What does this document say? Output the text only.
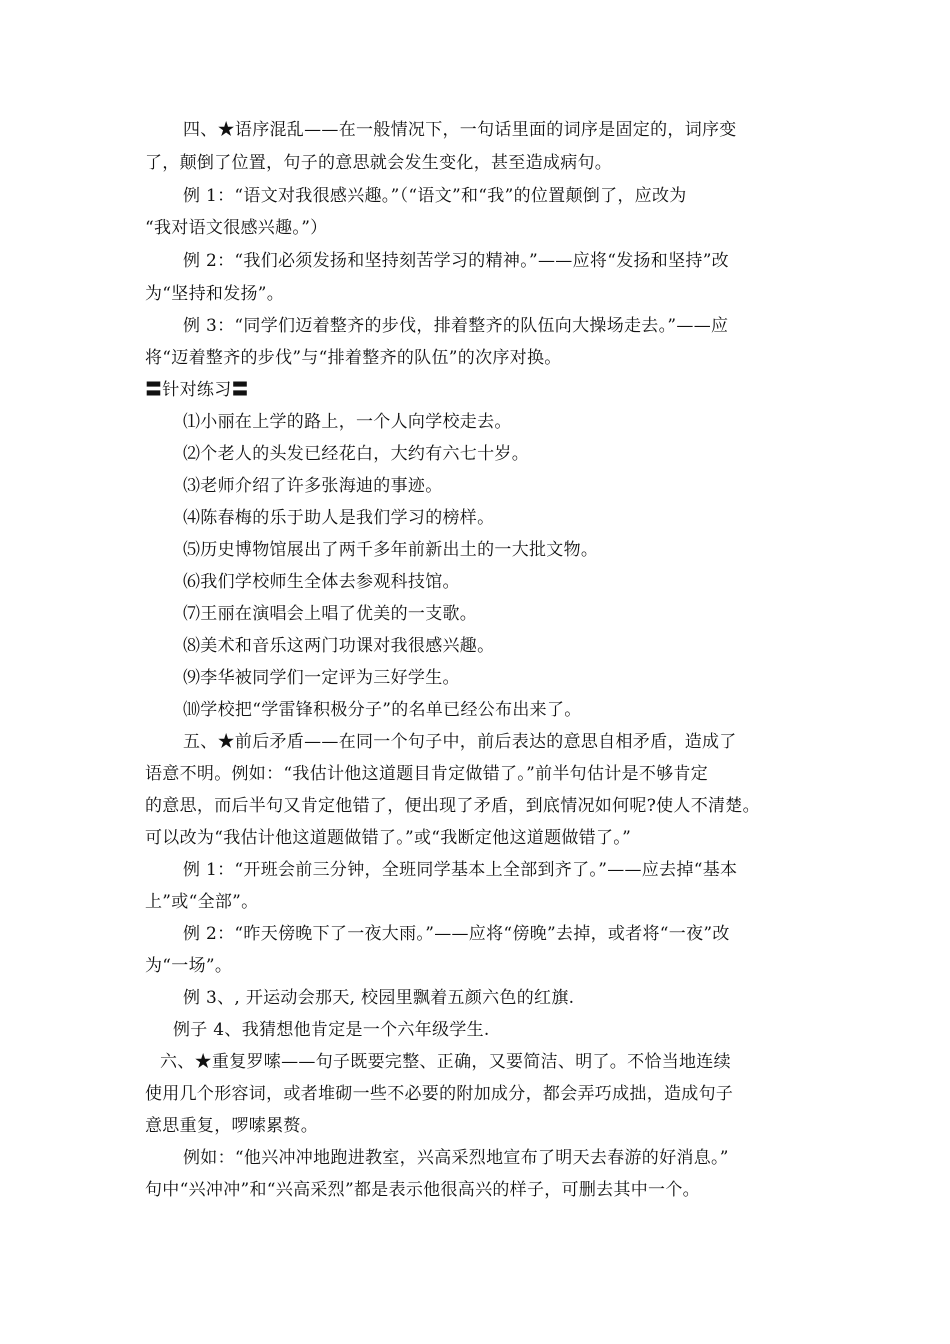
四、★语序混乱——在一般情况下，一句话里面的词序是固定的，词序变

了，颠倒了位置，句子的意思就会发生变化，甚至造成病句。

例 1：“语文对我很感兴趣。”（“语文”和“我”的位置颠倒了，应改为

“我对语文很感兴趣。”）

例 2：“我们必须发扬和坚持刻苦学习的精神。”——应将“发扬和坚持”改

为“坚持和发扬”。

例 3：“同学们迈着整齐的步伐，排着整齐的队伍向大操场走去。”——应

将“迈着整齐的步伐”与“排着整齐的队伍”的次序对换。

〓针对练习〓

⑴小丽在上学的路上，一个人向学校走去。

⑵个老人的头发已经花白，大约有六七十岁。

⑶老师介绍了许多张海迪的事迹。

⑷陈春梅的乐于助人是我们学习的榜样。

⑸历史博物馆展出了两千多年前新出土的一大批文物。

⑹我们学校师生全体去参观科技馆。

⑺王丽在演唱会上唱了优美的一支歌。

⑻美术和音乐这两门功课对我很感兴趣。

⑼李华被同学们一定评为三好学生。

⑽学校把“学雷锋积极分子”的名单已经公布出来了。

五、★前后矛盾——在同一个句子中，前后表达的意思自相矛盾，造成了

语意不明。例如：“我估计他这道题目肯定做错了。”前半句估计是不够肯定

的意思，而后半句又肯定他错了，便出现了矛盾，到底情况如何呢?使人不清楚。

可以改为“我估计他这道题做错了。”或“我断定他这道题做错了。”

例 1：“开班会前三分钟，全班同学基本上全部到齐了。”——应去掉“基本

上”或“全部”。

例 2：“昨天傍晚下了一夜大雨。”——应将“傍晚”去掉，或者将“一夜”改

为“一场”。

例 3、, 开运动会那天, 校园里飘着五颜六色的红旗.

例子 4、我猜想他肯定是一个六年级学生.

六、★重复罗嗦——句子既要完整、正确，又要简洁、明了。不恰当地连续

使用几个形容词，或者堆砌一些不必要的附加成分，都会弄巧成拙，造成句子

意思重复，啰嗦累赘。

例如：“他兴冲冲地跑进教室，兴高采烈地宣布了明天去春游的好消息。”

句中“兴冲冲”和“兴高采烈”都是表示他很高兴的样子，可删去其中一个。
